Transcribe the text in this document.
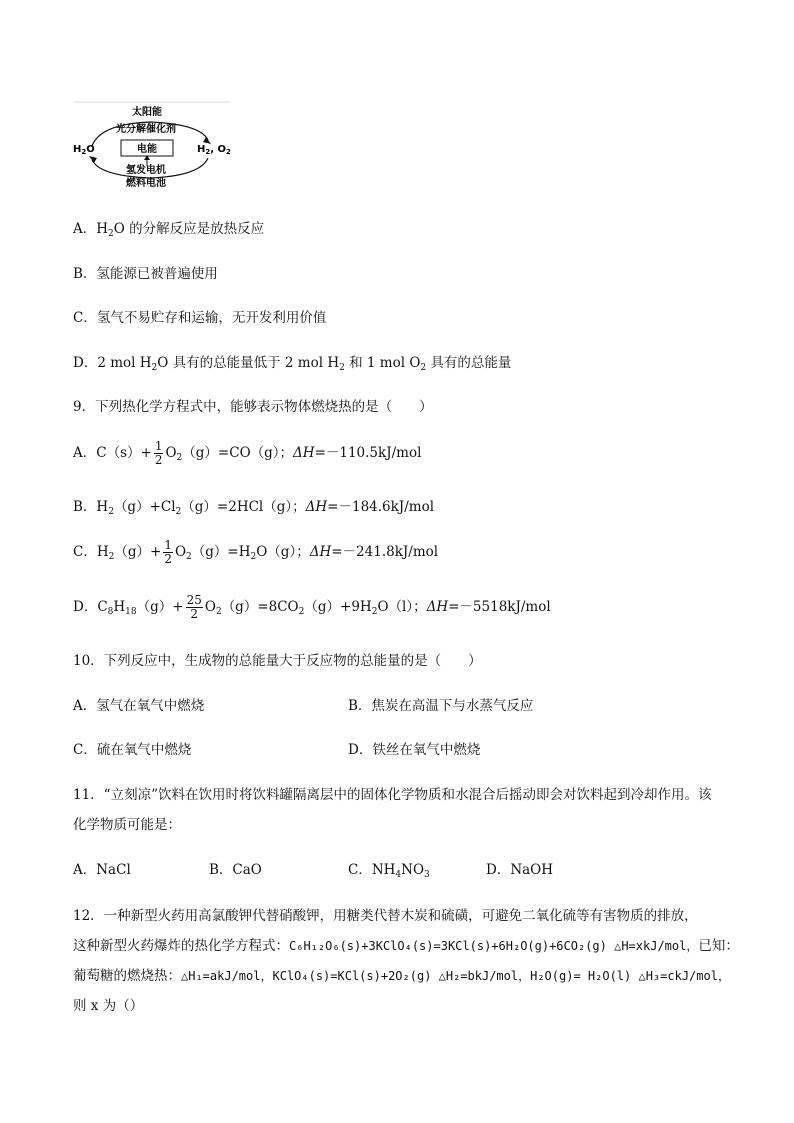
太阳能
光分解催化剂
$H_2O$	电能	$H_2$, $O_2$
氢发电机
燃料电池
A．$H_2O$ 的分解反应是放热反应
B．氢能源已被普遍使用
C．氢气不易贮存和运输，无开发利用价值
D．2 mol $H_2O$ 具有的总能量低于 2 mol $H_2$ 和 1 mol $O_2$ 具有的总能量
9．下列热化学方程式中，能够表示物体燃烧热的是（　　）
A．$C(s)+ \frac{1}{2} O_2(g)=CO(g)$；ΔH=－110.5kJ/mol
B．$H_2(g)+Cl_2(g)=2HCl(g)$；ΔH=－184.6kJ/mol
C．$H_2(g)+ \frac{1}{2} O_2(g)=H_2O(g)$；ΔH=－241.8kJ/mol
D．$C_8H_{18}(g)+ \frac{25}{2} O_2(g)=8CO_2(g)+9H_2O(l)$；ΔH=－5518kJ/mol
10．下列反应中，生成物的总能量大于反应物的总能量的是（　　）
A．氢气在氧气中燃烧	B．焦炭在高温下与水蒸气反应
C．硫在氧气中燃烧	D．铁丝在氧气中燃烧
11．“立刻凉”饮料在饮用时将饮料罐隔离层中的固体化学物质和水混合后摇动即会对饮料起到冷却作用。该
化学物质可能是：
A．NaCl	B．CaO	C．$NH_4NO_3$	D．NaOH
12．一种新型火药用高氯酸钾代替硝酸钾，用糖类代替木炭和硫磺，可避免二氧化硫等有害物质的排放，
这种新型火药爆炸的热化学方程式：C₆H₁₂O₆(s)+3KClO₄(s)=3KCl(s)+6H₂O(g)+6CO₂(g) △H=xkJ/mol，已知：
葡萄糖的燃烧热：△H₁=akJ/mol，KClO₄(s)=KCl(s)+2O₂(g) △H₂=bkJ/mol，H₂O(g)= H₂O(l) △H₃=ckJ/mol，
则 x 为（）
